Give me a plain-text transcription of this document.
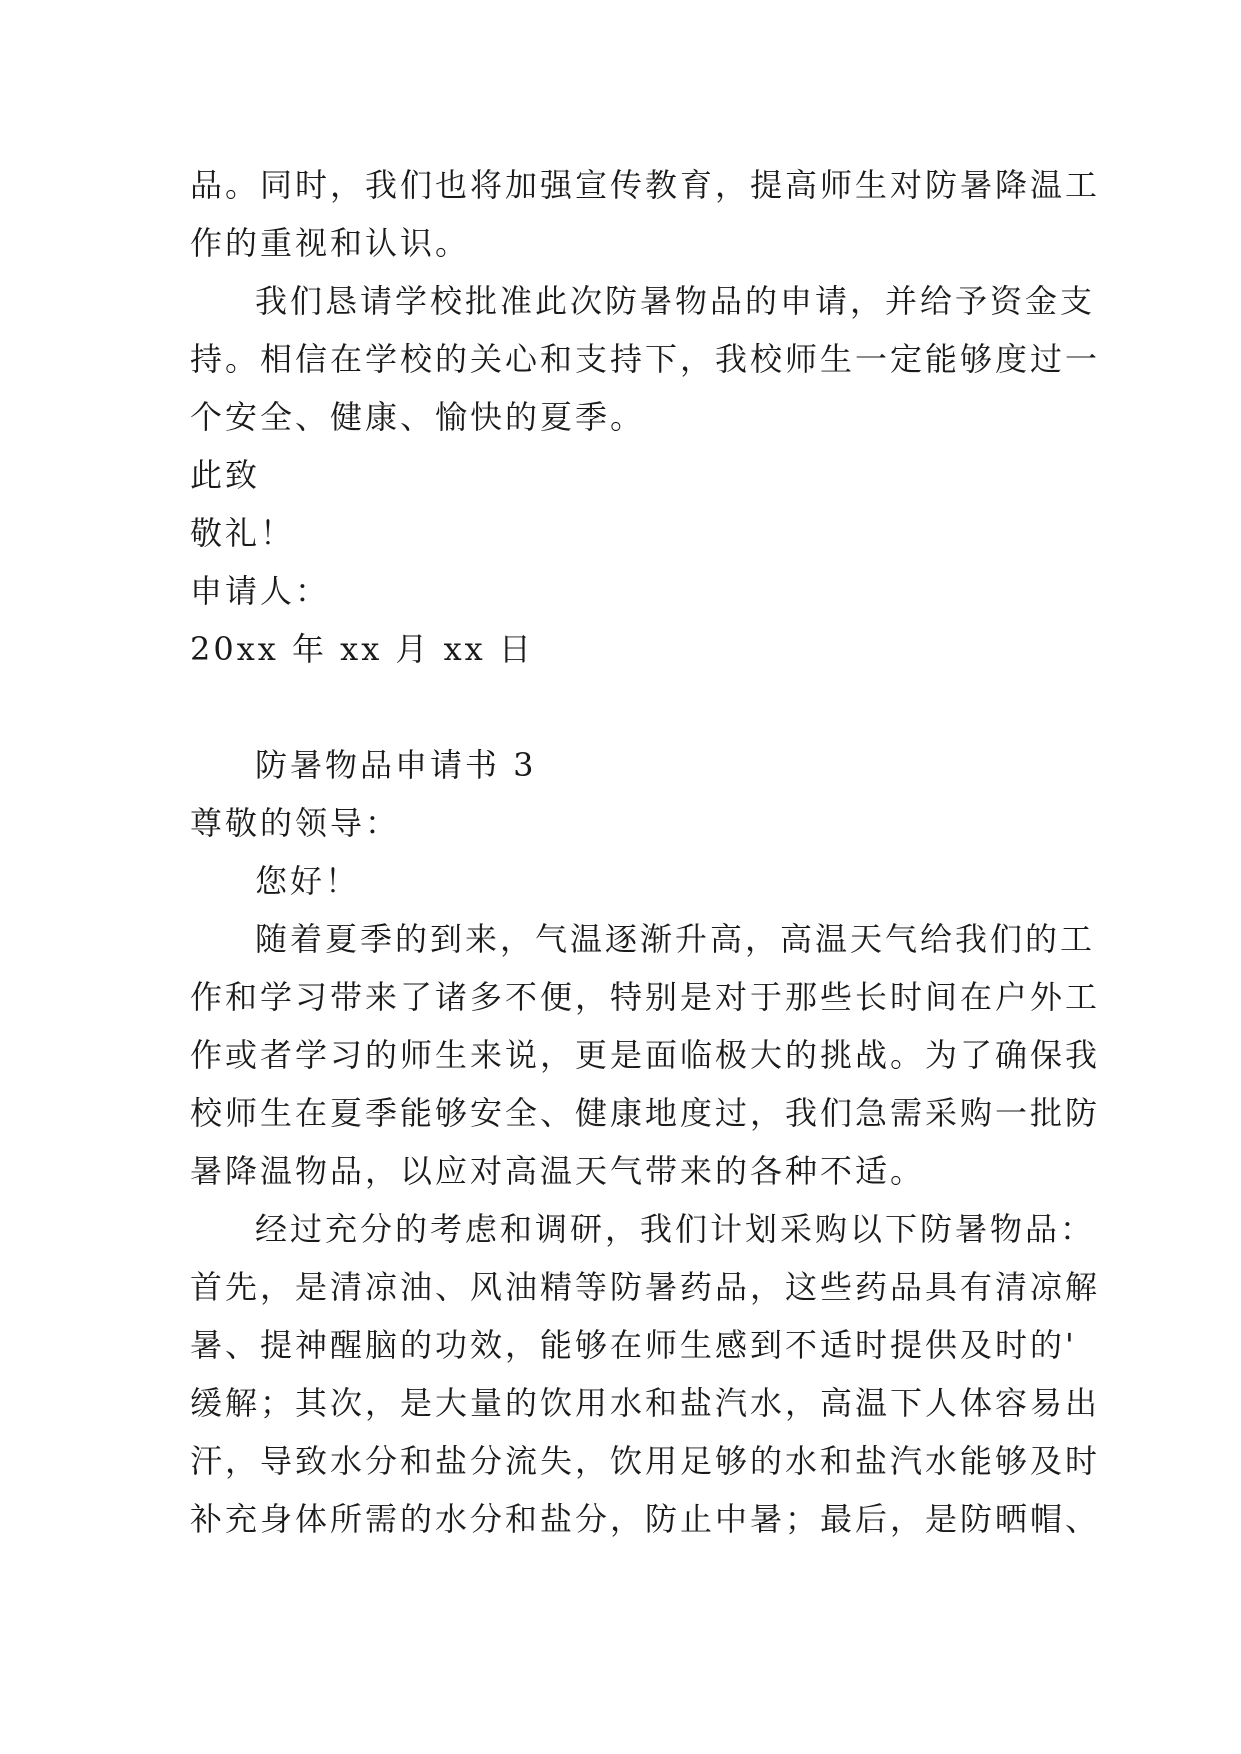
品。同时，我们也将加强宣传教育，提高师生对防暑降温工
作的重视和认识。
我们恳请学校批准此次防暑物品的申请，并给予资金支
持。相信在学校的关心和支持下，我校师生一定能够度过一
个安全、健康、愉快的夏季。
此致
敬礼！
申请人：
20xx 年 xx 月 xx 日
防暑物品申请书 3
尊敬的领导：
您好！
随着夏季的到来，气温逐渐升高，高温天气给我们的工
作和学习带来了诸多不便，特别是对于那些长时间在户外工
作或者学习的师生来说，更是面临极大的挑战。为了确保我
校师生在夏季能够安全、健康地度过，我们急需采购一批防
暑降温物品，以应对高温天气带来的各种不适。
经过充分的考虑和调研，我们计划采购以下防暑物品：
首先，是清凉油、风油精等防暑药品，这些药品具有清凉解
暑、提神醒脑的功效，能够在师生感到不适时提供及时的'
缓解；其次，是大量的饮用水和盐汽水，高温下人体容易出
汗，导致水分和盐分流失，饮用足够的水和盐汽水能够及时
补充身体所需的水分和盐分，防止中暑；最后，是防晒帽、
